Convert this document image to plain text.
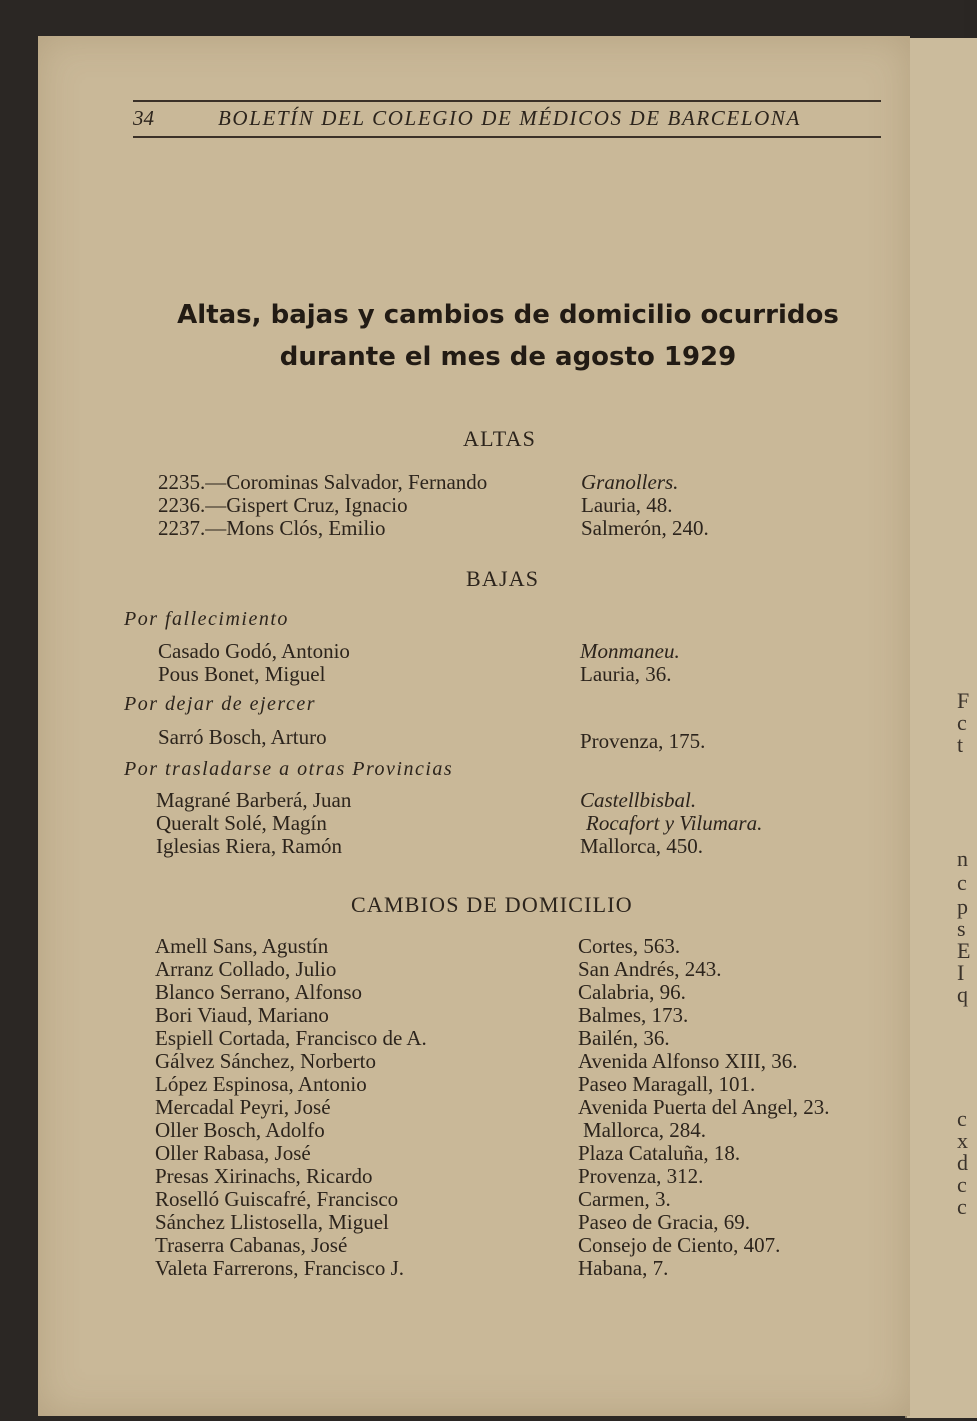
F
c
t
n
c
p
s
E
I
q
c
x
d
c
c
34	BOLETÍN DEL COLEGIO DE MÉDICOS DE BARCELONA
Altas, bajas y cambios de domicilio ocurridos
durante el mes de agosto 1929
ALTAS
2235.—Corominas Salvador, Fernando	Granollers.
2236.—Gispert Cruz, Ignacio	Lauria, 48.
2237.—Mons Clós, Emilio	Salmerón, 240.
BAJAS
Por fallecimiento
Casado Godó, Antonio	Monmaneu.
Pous Bonet, Miguel	Lauria, 36.
Por dejar de ejercer
Sarró Bosch, Arturo	Provenza, 175.
Por trasladarse a otras Provincias
Magrané Barberá, Juan	Castellbisbal.
Queralt Solé, Magín	Rocafort y Vilumara.
Iglesias Riera, Ramón	Mallorca, 450.
CAMBIOS DE DOMICILIO
Amell Sans, Agustín	Cortes, 563.
Arranz Collado, Julio	San Andrés, 243.
Blanco Serrano, Alfonso	Calabria, 96.
Bori Viaud, Mariano	Balmes, 173.
Espiell Cortada, Francisco de A.	Bailén, 36.
Gálvez Sánchez, Norberto	Avenida Alfonso XIII, 36.
López Espinosa, Antonio	Paseo Maragall, 101.
Mercadal Peyri, José	Avenida Puerta del Angel, 23.
Oller Bosch, Adolfo	Mallorca, 284.
Oller Rabasa, José	Plaza Cataluña, 18.
Presas Xirinachs, Ricardo	Provenza, 312.
Roselló Guiscafré, Francisco	Carmen, 3.
Sánchez Llistosella, Miguel	Paseo de Gracia, 69.
Traserra Cabanas, José	Consejo de Ciento, 407.
Valeta Farrerons, Francisco J.	Habana, 7.
